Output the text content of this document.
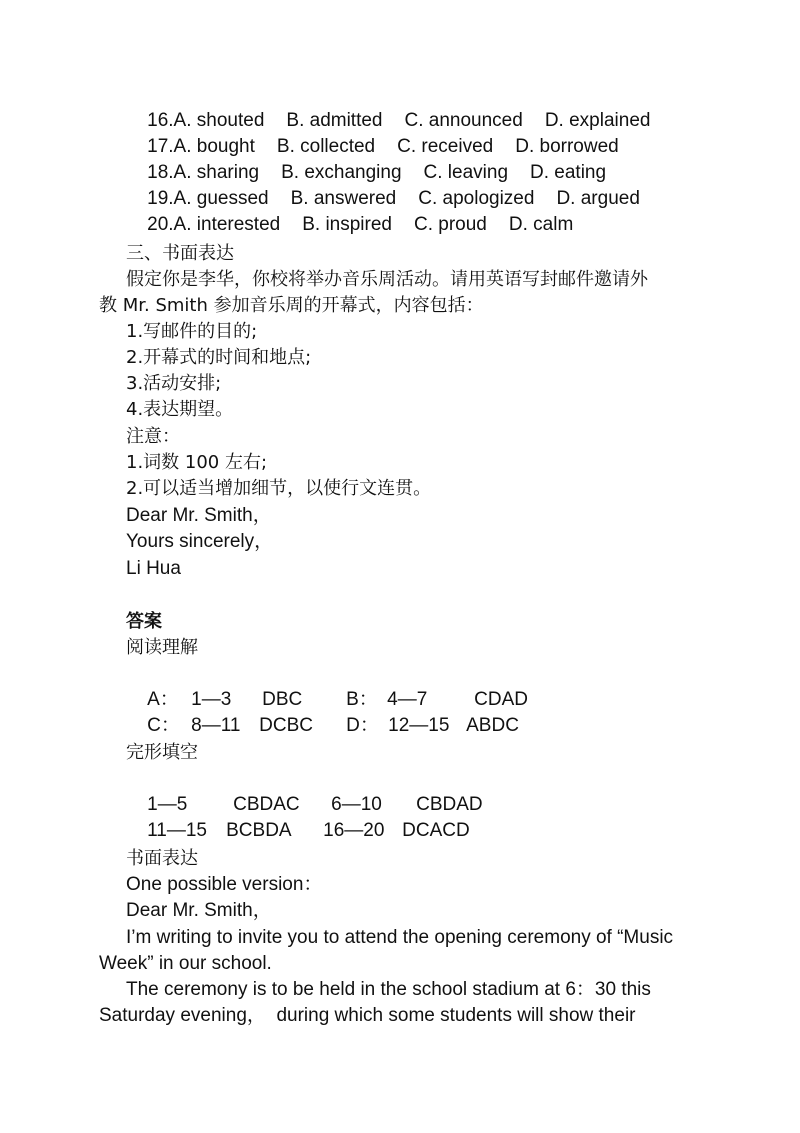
16.A. shouted B. admitted C. announced D. explained

17.A. bought B. collected C. received D. borrowed

18.A. sharing B. exchanging C. leaving D. eating

19.A. guessed B. answered C. apologized D. argued

20.A. interested B. inspired C. proud D. calm

三、书面表达
假定你是李华，你校将举办音乐周活动。请用英语写封邮件邀请外
教 Mr. Smith 参加音乐周的开幕式，内容包括：
1.写邮件的目的;
2.开幕式的时间和地点;
3.活动安排;
4.表达期望。
注意：
1.词数 100 左右;
2.可以适当增加细节，以使行文连贯。
Dear Mr. Smith，
Yours sincerely，
Li Hua
答案
阅读理解

A： 1—3 DBC B： 4—7 CDAD

C： 8—11 DCBC D： 12—15 ABDC

完形填空

1—5 CBDAC 6—10 CBDAD

11—15 BCBDA 16—20 DCACD

书面表达
One possible version：
Dear Mr. Smith，
I’m writing to invite you to attend the opening ceremony of “Music
Week” in our school.
The ceremony is to be held in the school stadium at 6：30 this
Saturday evening，  during which some students will show their
